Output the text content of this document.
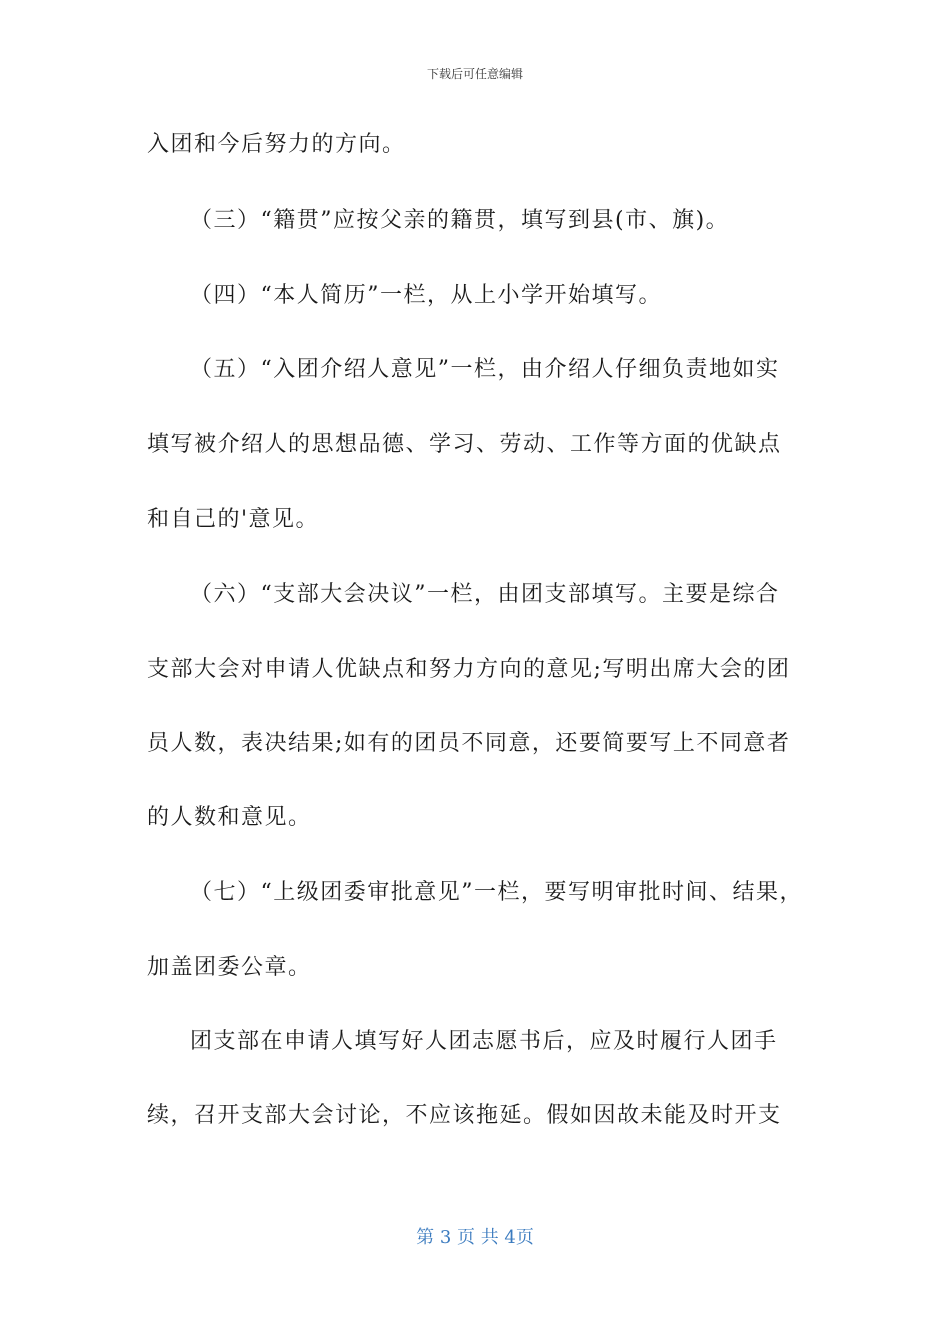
下载后可任意编辑
入团和今后努力的方向。
（三）“籍贯”应按父亲的籍贯，填写到县(市、旗)。
（四）“本人简历”一栏，从上小学开始填写。
（五）“入团介绍人意见”一栏，由介绍人仔细负责地如实
填写被介绍人的思想品德、学习、劳动、工作等方面的优缺点
和自己的'意见。
（六）“支部大会决议”一栏，由团支部填写。主要是综合
支部大会对申请人优缺点和努力方向的意见;写明出席大会的团
员人数，表决结果;如有的团员不同意，还要简要写上不同意者
的人数和意见。
（七）“上级团委审批意见”一栏，要写明审批时间、结果，
加盖团委公章。
团支部在申请人填写好人团志愿书后，应及时履行人团手
续，召开支部大会讨论，不应该拖延。假如因故未能及时开支
第 3 页 共 4页
